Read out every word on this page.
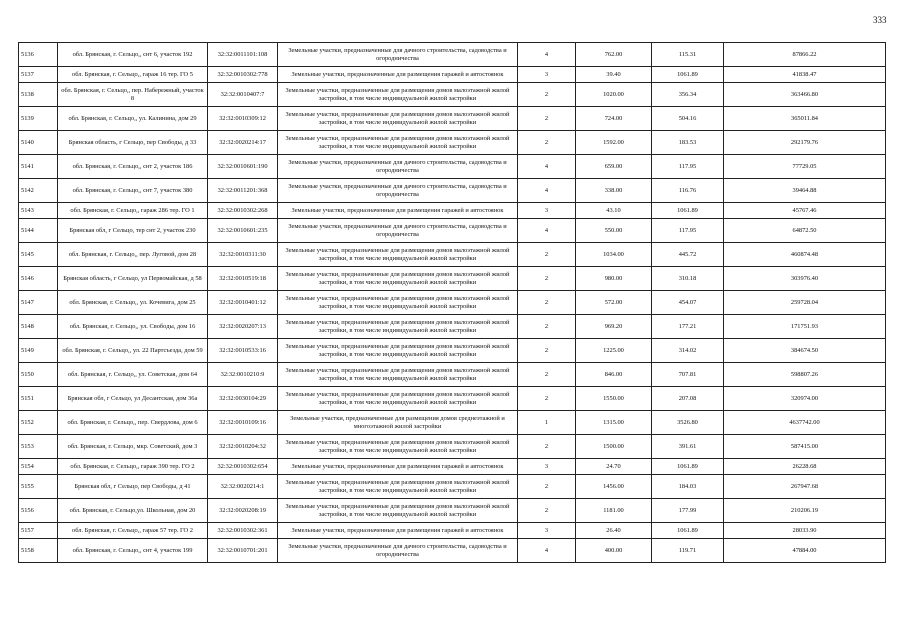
333
5136	обл. Брянская, г. Сельцо,, снт 6, участок 192	32:32:0011101:108	Земельные участки, предназначенные для дачного строительства, садоводства и огородничества	4	762.00	115.31	87866.22
5137	обл. Брянская, г. Сельцо,, гараж 16 тер. ГО 5	32:32:0010302:778	Земельные участки, предназначенные для размещения гаражей и автостоянок	3	39.40	1061.89	41838.47
5138	обл. Брянская, г. Сельцо,, пер. Набережный, участок 8	32:32:0010407:7	Земельные участки, предназначенные для размещения домов малоэтажной жилой застройки, в том числе индивидуальной жилой застройки	2	1020.00	356.34	363466.80
5139	обл. Брянская, г. Сельцо,, ул. Калинина, дом 29	32:32:0010309:12	Земельные участки, предназначенные для размещения домов малоэтажной жилой застройки, в том числе индивидуальной жилой застройки	2	724.00	504.16	365011.84
5140	Брянская область, г Сельцо, пер Свободы, д 33	32:32:0020214:17	Земельные участки, предназначенные для размещения домов малоэтажной жилой застройки, в том числе индивидуальной жилой застройки	2	1592.00	183.53	292179.76
5141	обл. Брянская, г. Сельцо,, снт 2, участок 186	32:32:0010601:190	Земельные участки, предназначенные для дачного строительства, садоводства и огородничества	4	659.00	117.95	77729.05
5142	обл. Брянская, г. Сельцо,, снт 7, участок 380	32:32:0011201:368	Земельные участки, предназначенные для дачного строительства, садоводства и огородничества	4	338.00	116.76	39464.88
5143	обл. Брянская, г. Сельцо,, гараж 286 тер. ГО 1	32:32:0010302:268	Земельные участки, предназначенные для размещения гаражей и автостоянок	3	43.10	1061.89	45767.46
5144	Брянская обл, г Сельцо, тер снт 2, участок 230	32:32:0010601:235	Земельные участки, предназначенные для дачного строительства, садоводства и огородничества	4	550.00	117.95	64872.50
5145	обл. Брянская, г. Сельцо,, пер. Луговой, дом 28	32:32:0010311:30	Земельные участки, предназначенные для размещения домов малоэтажной жилой застройки, в том числе индивидуальной жилой застройки	2	1034.00	445.72	460874.48
5146	Брянская область, г Сельцо, ул Первомайская, д 58	32:32:0010519:18	Земельные участки, предназначенные для размещения домов малоэтажной жилой застройки, в том числе индивидуальной жилой застройки	2	980.00	310.18	303976.40
5147	обл. Брянская, г. Сельцо,, ул. Кочевига, дом 25	32:32:0010401:12	Земельные участки, предназначенные для размещения домов малоэтажной жилой застройки, в том числе индивидуальной жилой застройки	2	572.00	454.07	259728.04
5148	обл. Брянская, г. Сельцо,, ул. Свободы, дом 16	32:32:0020207:13	Земельные участки, предназначенные для размещения домов малоэтажной жилой застройки, в том числе индивидуальной жилой застройки	2	969.20	177.21	171751.93
5149	обл. Брянская, г. Сельцо,, ул. 22 Партсъезда, дом 59	32:32:0010533:16	Земельные участки, предназначенные для размещения домов малоэтажной жилой застройки, в том числе индивидуальной жилой застройки	2	1225.00	314.02	384674.50
5150	обл. Брянская, г. Сельцо,, ул. Советская, дом 64	32:32:0010210:9	Земельные участки, предназначенные для размещения домов малоэтажной жилой застройки, в том числе индивидуальной жилой застройки	2	846.00	707.81	598807.26
5151	Брянская обл, г Сельцо, ул Десантская, дом 36а	32:32:0030104:29	Земельные участки, предназначенные для размещения домов малоэтажной жилой застройки, в том числе индивидуальной жилой застройки	2	1550.00	207.08	320974.00
5152	обл. Брянская, г. Сельцо,, пер. Свердлова, дом 6	32:32:0010109:16	Земельные участки, предназначенные для размещения домов среднеэтажной и многоэтажной жилой застройки	1	1315.00	3526.80	4637742.00
5153	обл. Брянская, г. Сельцо, мкр. Советский, дом 3	32:32:0010204:32	Земельные участки, предназначенные для размещения домов малоэтажной жилой застройки, в том числе индивидуальной жилой застройки	2	1500.00	391.61	587415.00
5154	обл. Брянская, г. Сельцо,, гараж 390 тер. ГО 2	32:32:0010302:654	Земельные участки, предназначенные для размещения гаражей и автостоянок	3	24.70	1061.89	26228.68
5155	Брянская обл, г Сельцо, пер Свободы, д 41	32:32:0020214:1	Земельные участки, предназначенные для размещения домов малоэтажной жилой застройки, в том числе индивидуальной жилой застройки	2	1456.00	184.03	267947.68
5156	обл. Брянская, г. Сельцо,ул. Школьная, дом 20	32:32:0020208:19	Земельные участки, предназначенные для размещения домов малоэтажной жилой застройки, в том числе индивидуальной жилой застройки	2	1181.00	177.99	210206.19
5157	обл. Брянская, г. Сельцо,, гараж 57 тер. ГО 2	32:32:0010302:361	Земельные участки, предназначенные для размещения гаражей и автостоянок	3	26.40	1061.89	28033.90
5158	обл. Брянская, г. Сельцо,, снт 4, участок 199	32:32:0010701:201	Земельные участки, предназначенные для дачного строительства, садоводства и огородничества	4	400.00	119.71	47884.00
